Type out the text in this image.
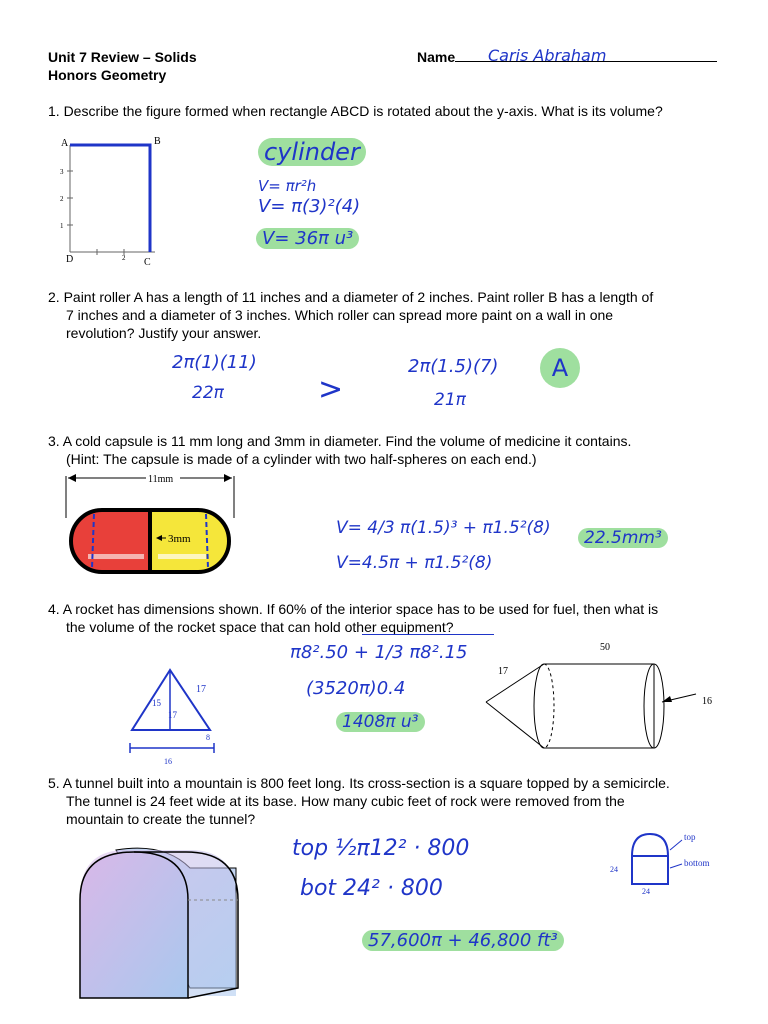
Unit 7 Review – Solids
Honors Geometry
Name	Caris Abraham
1. Describe the figure formed when rectangle ABCD is rotated about the y-axis. What is its volume?
A	B
C
D
1
2
3
2
cylinder
V= πr²h
V= π(3)²(4)
V= 36π u³
2. Paint roller A has a length of 11 inches and a diameter of 2 inches. Paint roller B has a length of
7 inches and a diameter of 3 inches. Which roller can spread more paint on a wall in one
revolution? Justify your answer.
2π(1)(11)
22π	>
2π(1.5)(7)
21π
A
3. A cold capsule is 11 mm long and 3mm in diameter. Find the volume of medicine it contains.
(Hint: The capsule is made of a cylinder with two half-spheres on each end.)
11mm
3mm
V= 4/3 π(1.5)³ + π1.5²(8)
V=4.5π + π1.5²(8)
22.5mm³
4. A rocket has dimensions shown. If 60% of the interior space has to be used for fuel, then what is
the volume of the rocket space that can hold other equipment?
π8².50 + 1/3 π8².15
(3520π)0.4
1408π u³
17
15
17
8
16
50
17
16
5. A tunnel built into a mountain is 800 feet long. Its cross-section is a square topped by a semicircle.
The tunnel is 24 feet wide at its base. How many cubic feet of rock were removed from the
mountain to create the tunnel?
top ½π12² · 800
bot 24² · 800
57,600π + 46,800 ft³
top
bottom
24
24
